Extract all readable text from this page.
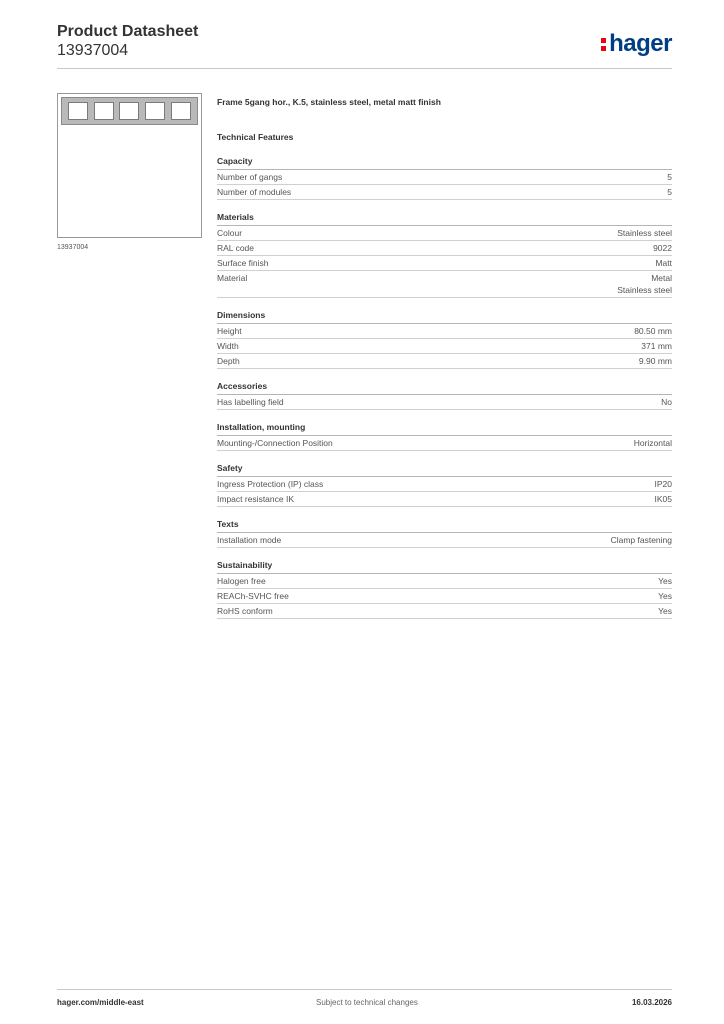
Product Datasheet
13937004	hager
13937004
Frame 5gang hor., K.5, stainless steel, metal matt finish
Technical Features
Capacity
Number of gangs	5
Number of modules	5
Materials
Colour	Stainless steel
RAL code	9022
Surface finish	Matt
Material	Metal
Stainless steel
Dimensions
Height	80.50 mm
Width	371 mm
Depth	9.90 mm
Accessories
Has labelling field	No
Installation, mounting
Mounting-/Connection Position	Horizontal
Safety
Ingress Protection (IP) class	IP20
Impact resistance IK	IK05
Texts
Installation mode	Clamp fastening
Sustainability
Halogen free	Yes
REACh-SVHC free	Yes
RoHS conform	Yes
hager.com/middle-east	Subject to technical changes	16.03.2026
